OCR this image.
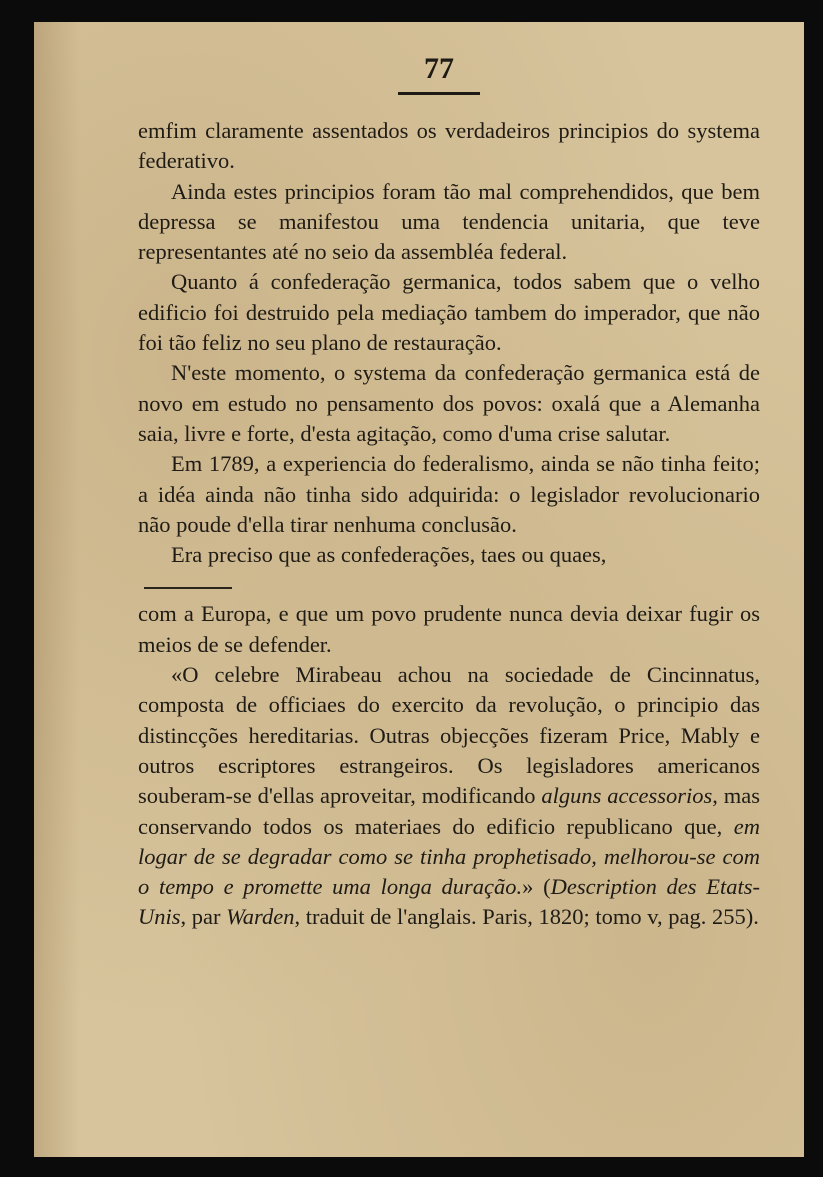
77

emfim claramente assentados os verdadeiros principios do systema federativo.

Ainda estes principios foram tão mal comprehendidos, que bem depressa se manifestou uma tendencia unitaria, que teve representantes até no seio da assembléa federal.

Quanto á confederação germanica, todos sabem que o velho edificio foi destruido pela mediação tambem do imperador, que não foi tão feliz no seu plano de restauração.

N'este momento, o systema da confederação germanica está de novo em estudo no pensamento dos povos: oxalá que a Alemanha saia, livre e forte, d'esta agitação, como d'uma crise salutar.

Em 1789, a experiencia do federalismo, ainda se não tinha feito; a idéa ainda não tinha sido adquirida: o legislador revolucionario não poude d'ella tirar nenhuma conclusão.

Era preciso que as confederações, taes ou quaes,

com a Europa, e que um povo prudente nunca devia deixar fugir os meios de se defender.

«O celebre Mirabeau achou na sociedade de Cincinnatus, composta de officiaes do exercito da revolução, o principio das distincções hereditarias. Outras objecções fizeram Price, Mably e outros escriptores estrangeiros. Os legisladores americanos souberam-se d'ellas aproveitar, modificando alguns accessorios, mas conservando todos os materiaes do edificio republicano que, em logar de se degradar como se tinha prophetisado, melhorou-se com o tempo e promette uma longa duração.» (Description des Etats-Unis, par Warden, traduit de l'anglais. Paris, 1820; tomo v, pag. 255).
